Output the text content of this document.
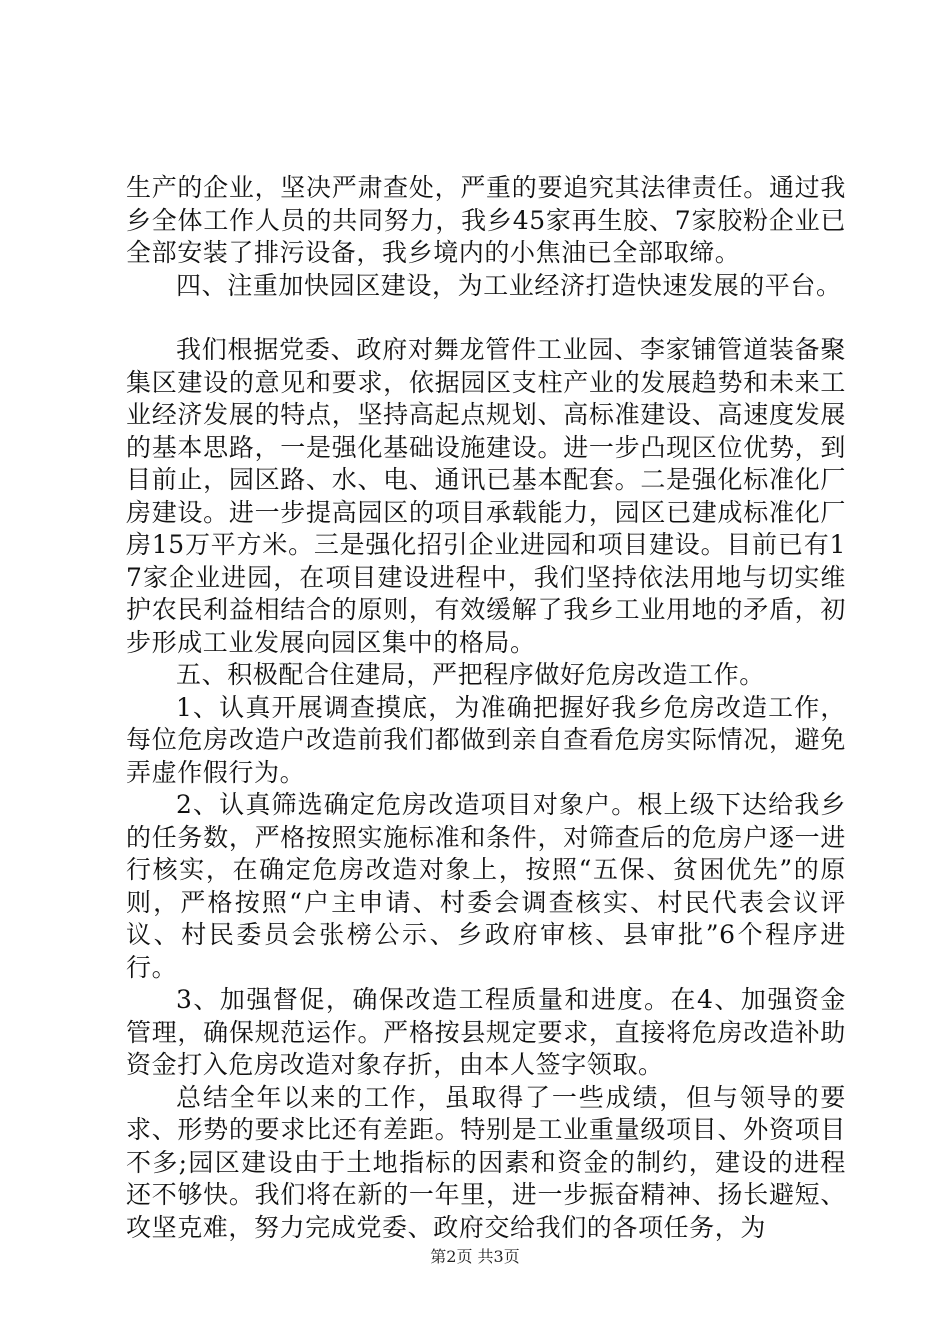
生产的企业，坚决严肃查处，严重的要追究其法律责任。通过我乡全体工作人员的共同努力，我乡45家再生胶、7家胶粉企业已全部安装了排污设备，我乡境内的小焦油已全部取缔。

四、注重加快园区建设，为工业经济打造快速发展的平台。

我们根据党委、政府对舞龙管件工业园、李家铺管道装备聚集区建设的意见和要求，依据园区支柱产业的发展趋势和未来工业经济发展的特点，坚持高起点规划、高标准建设、高速度发展的基本思路，一是强化基础设施建设。进一步凸现区位优势，到目前止，园区路、水、电、通讯已基本配套。二是强化标准化厂房建设。进一步提高园区的项目承载能力，园区已建成标准化厂房15万平方米。三是强化招引企业进园和项目建设。目前已有17家企业进园，在项目建设进程中，我们坚持依法用地与切实维护农民利益相结合的原则，有效缓解了我乡工业用地的矛盾，初步形成工业发展向园区集中的格局。

五、积极配合住建局，严把程序做好危房改造工作。

1、认真开展调查摸底，为准确把握好我乡危房改造工作，每位危房改造户改造前我们都做到亲自查看危房实际情况，避免弄虚作假行为。

2、认真筛选确定危房改造项目对象户。根上级下达给我乡的任务数，严格按照实施标准和条件，对筛查后的危房户逐一进行核实，在确定危房改造对象上，按照“五保、贫困优先”的原则，严格按照“户主申请、村委会调查核实、村民代表会议评议、村民委员会张榜公示、乡政府审核、县审批”6个程序进行。

3、加强督促，确保改造工程质量和进度。在4、加强资金管理，确保规范运作。严格按县规定要求，直接将危房改造补助资金打入危房改造对象存折，由本人签字领取。

总结全年以来的工作，虽取得了一些成绩，但与领导的要求、形势的要求比还有差距。特别是工业重量级项目、外资项目不多;园区建设由于土地指标的因素和资金的制约，建设的进程还不够快。我们将在新的一年里，进一步振奋精神、扬长避短、攻坚克难，努力完成党委、政府交给我们的各项任务，为

第2页 共3页
